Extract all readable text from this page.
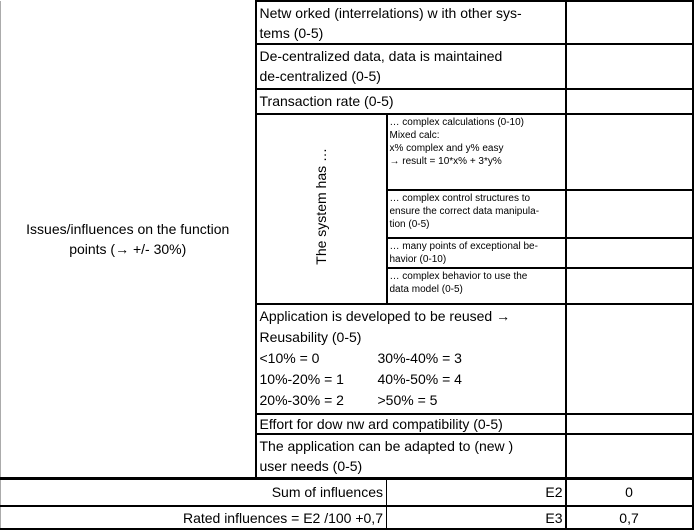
Issues/influences on the function
points (→ +/- 30%)

Netw orked (interrelations) w ith other sys-
tems (0-5)

	De-centralized data, data is maintained
de-centralized (0-5)		

	Transaction rate (0-5)		

	The system has …	… complex calculations (0-10)
Mixed calc:
x% complex and y% easy
→ result = 10*x% + 3*y%	

		… complex control structures to
ensure the correct data manipula-
tion (0-5)	

		… many points of exceptional be-
havior (0-10)	

		… complex behavior to use the
data model (0-5)	

	Application is developed to be reused →
Reusability (0-5)
<10% = 0 30%-40% = 3
10%-20% = 1 40%-50% = 4
20%-30% = 2 >50% = 5		

	Effort for dow nw ard compatibility (0-5)		

	The application can be adapted to (new )
user needs (0-5)		

Sum of influences		E2	0
Rated influences = E2 /100 +0,7		E3	0,7
